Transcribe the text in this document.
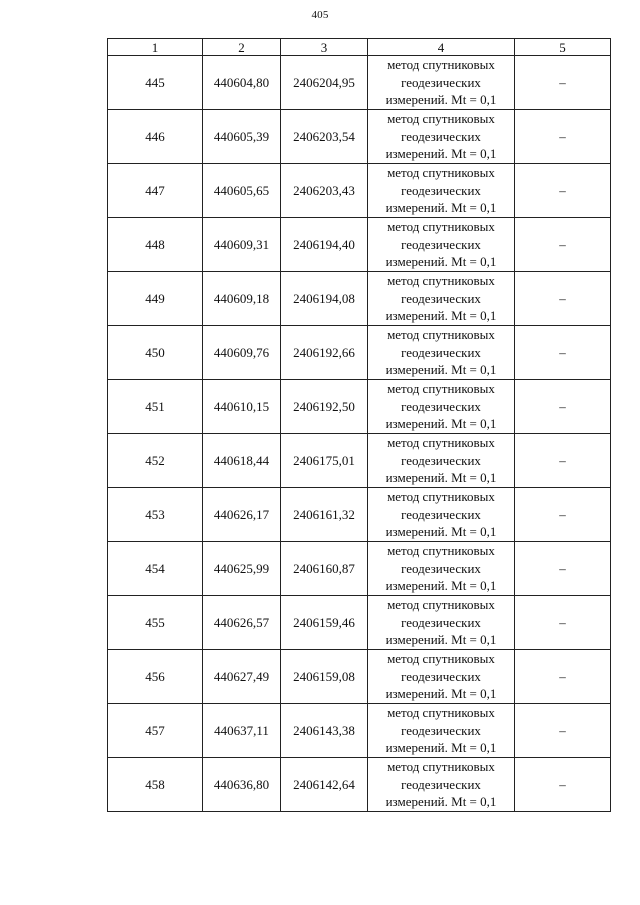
405
1	2	3	4	5
445	440604,80	2406204,95	метод спутниковых
геодезических
измерений. Mt = 0,1	–
446	440605,39	2406203,54	метод спутниковых
геодезических
измерений. Mt = 0,1	–
447	440605,65	2406203,43	метод спутниковых
геодезических
измерений. Mt = 0,1	–
448	440609,31	2406194,40	метод спутниковых
геодезических
измерений. Mt = 0,1	–
449	440609,18	2406194,08	метод спутниковых
геодезических
измерений. Mt = 0,1	–
450	440609,76	2406192,66	метод спутниковых
геодезических
измерений. Mt = 0,1	–
451	440610,15	2406192,50	метод спутниковых
геодезических
измерений. Mt = 0,1	–
452	440618,44	2406175,01	метод спутниковых
геодезических
измерений. Mt = 0,1	–
453	440626,17	2406161,32	метод спутниковых
геодезических
измерений. Mt = 0,1	–
454	440625,99	2406160,87	метод спутниковых
геодезических
измерений. Mt = 0,1	–
455	440626,57	2406159,46	метод спутниковых
геодезических
измерений. Mt = 0,1	–
456	440627,49	2406159,08	метод спутниковых
геодезических
измерений. Mt = 0,1	–
457	440637,11	2406143,38	метод спутниковых
геодезических
измерений. Mt = 0,1	–
458	440636,80	2406142,64	метод спутниковых
геодезических
измерений. Mt = 0,1	–
